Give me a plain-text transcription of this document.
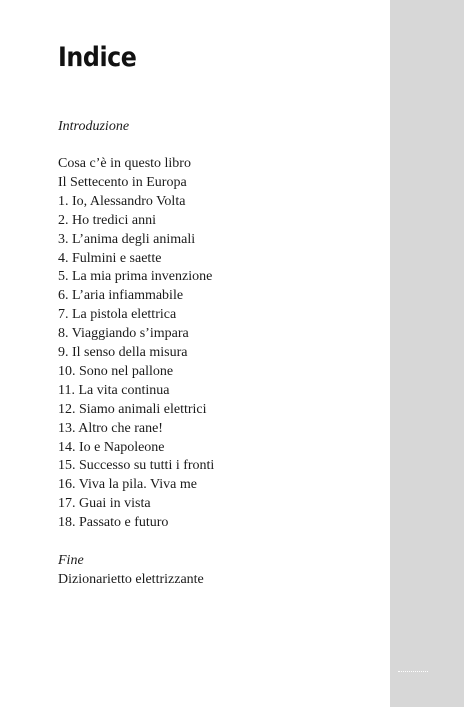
Indice
Introduzione
Cosa c’è in questo libro
Il Settecento in Europa
1. Io, Alessandro Volta
2. Ho tredici anni
3. L’anima degli animali
4. Fulmini e saette
5. La mia prima invenzione
6. L’aria infiammabile
7. La pistola elettrica
8. Viaggiando s’impara
9. Il senso della misura
10. Sono nel pallone
11. La vita continua
12. Siamo animali elettrici
13. Altro che rane!
14. Io e Napoleone
15. Successo su tutti i fronti
16. Viva la pila. Viva me
17. Guai in vista
18. Passato e futuro
Fine
Dizionarietto elettrizzante
